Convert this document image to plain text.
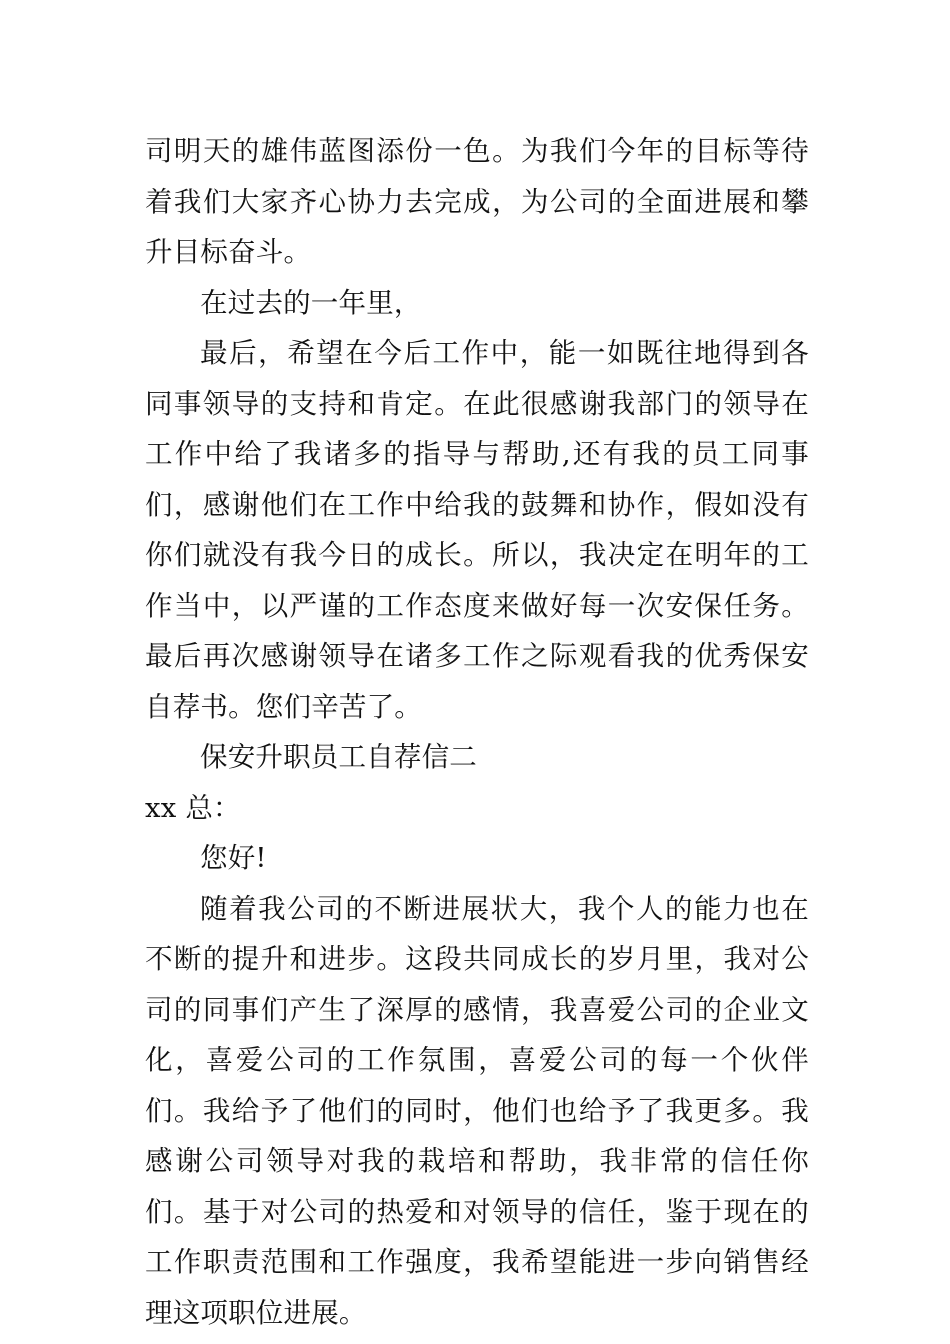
司明天的雄伟蓝图添份一色。为我们今年的目标等待着我们大家齐心协力去完成，为公司的全面进展和攀升目标奋斗。

在过去的一年里，

最后，希望在今后工作中，能一如既往地得到各同事领导的支持和肯定。在此很感谢我部门的领导在工作中给了我诸多的指导与帮助,还有我的员工同事们，感谢他们在工作中给我的鼓舞和协作，假如没有你们就没有我今日的成长。所以，我决定在明年的工作当中，以严谨的工作态度来做好每一次安保任务。最后再次感谢领导在诸多工作之际观看我的优秀保安自荐书。您们辛苦了。

保安升职员工自荐信二

xx 总：

您好!

随着我公司的不断进展状大，我个人的能力也在不断的提升和进步。这段共同成长的岁月里，我对公司的同事们产生了深厚的感情，我喜爱公司的企业文化，喜爱公司的工作氛围，喜爱公司的每一个伙伴们。我给予了他们的同时，他们也给予了我更多。我感谢公司领导对我的栽培和帮助，我非常的信任你们。基于对公司的热爱和对领导的信任，鉴于现在的工作职责范围和工作强度，我希望能进一步向销售经理这项职位进展。
